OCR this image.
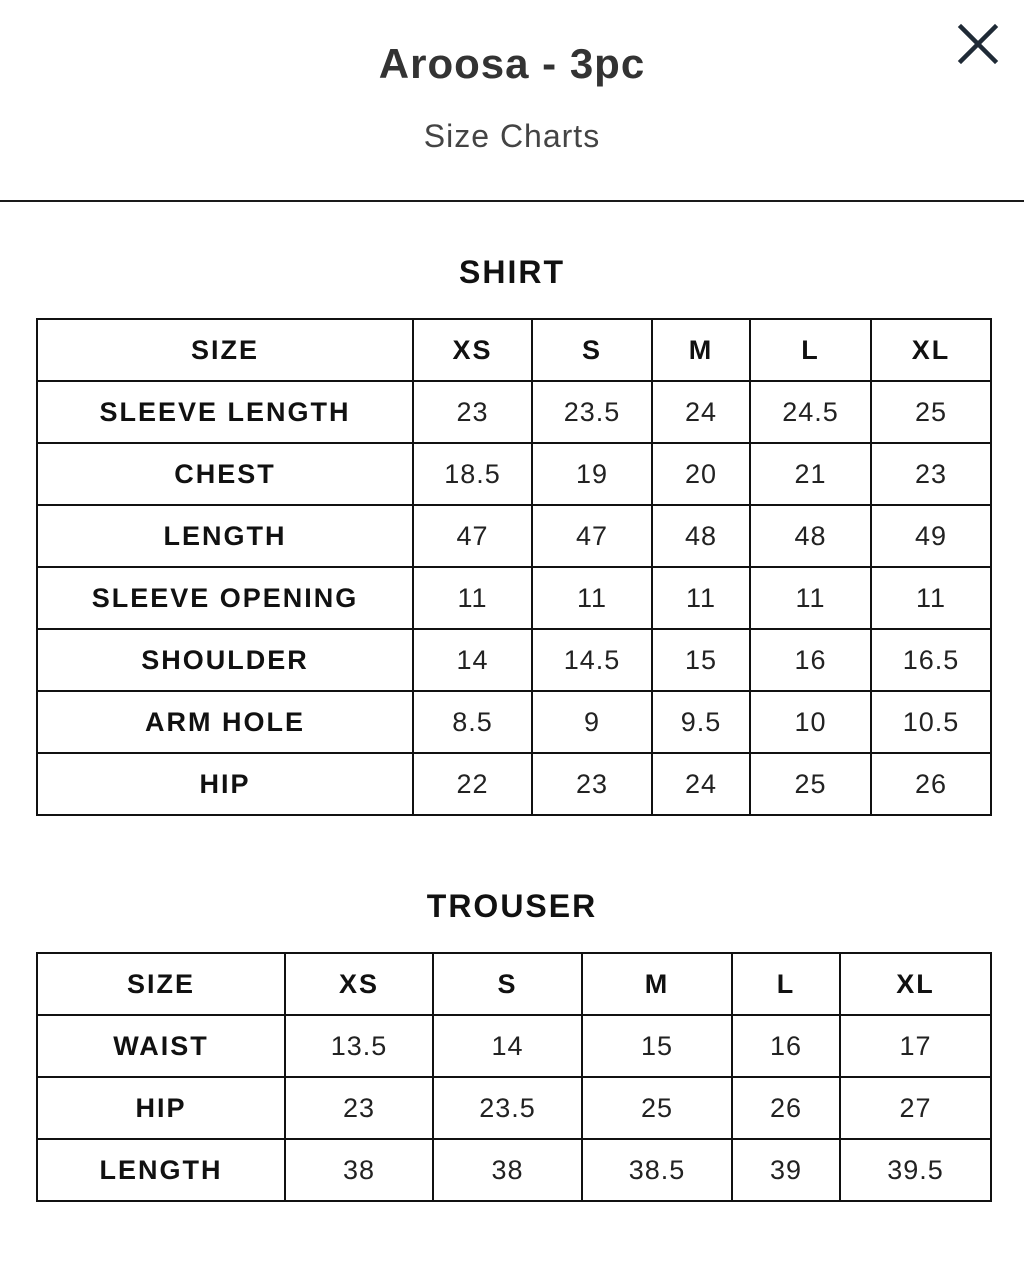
Aroosa - 3pc
Size Charts
SHIRT
SIZE	XS	S	M	L	XL
SLEEVE LENGTH	23	23.5	24	24.5	25
CHEST	18.5	19	20	21	23
LENGTH	47	47	48	48	49
SLEEVE OPENING	11	11	11	11	11
SHOULDER	14	14.5	15	16	16.5
ARM HOLE	8.5	9	9.5	10	10.5
HIP	22	23	24	25	26
TROUSER
SIZE	XS	S	M	L	XL
WAIST	13.5	14	15	16	17
HIP	23	23.5	25	26	27
LENGTH	38	38	38.5	39	39.5
